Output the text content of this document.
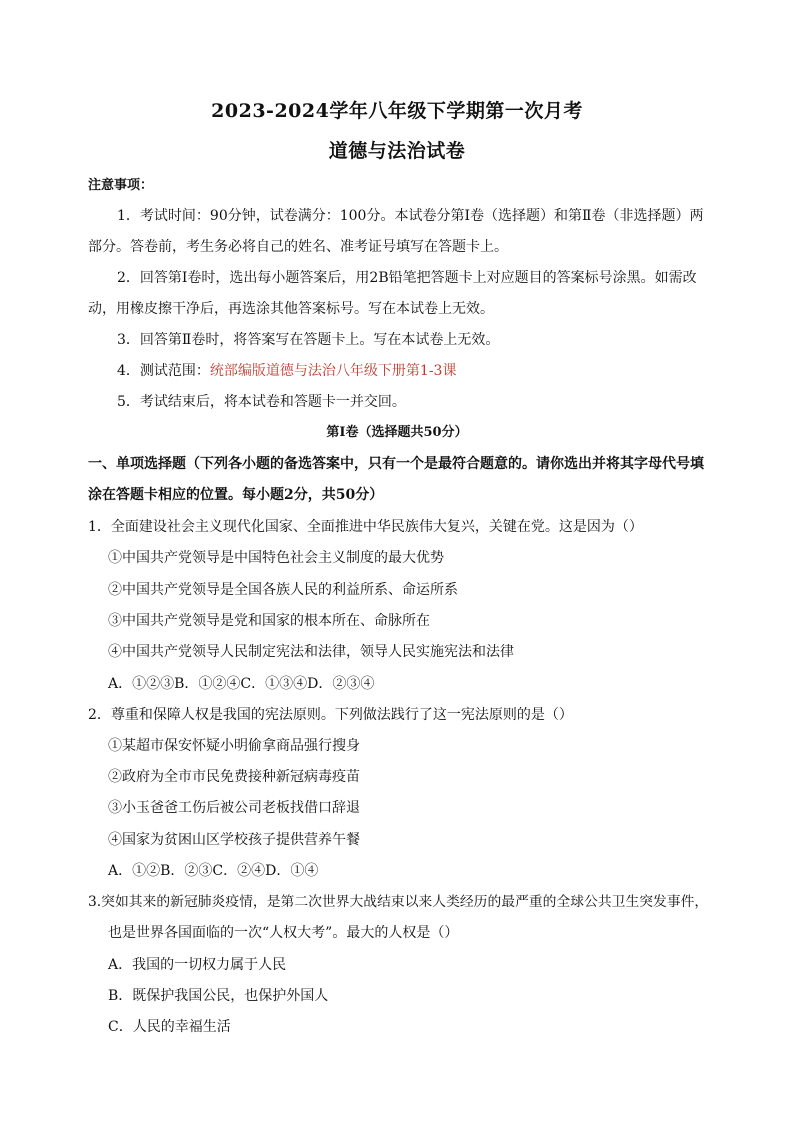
2023-2024学年八年级下学期第一次月考
道德与法治试卷
注意事项：
1．考试时间：90分钟，试卷满分：100分。本试卷分第Ⅰ卷（选择题）和第Ⅱ卷（非选择题）两
部分。答卷前，考生务必将自己的姓名、准考证号填写在答题卡上。
2．回答第Ⅰ卷时，选出每小题答案后，用2B铅笔把答题卡上对应题目的答案标号涂黑。如需改
动，用橡皮擦干净后，再选涂其他答案标号。写在本试卷上无效。
3．回答第Ⅱ卷时，将答案写在答题卡上。写在本试卷上无效。
4．测试范围：统部编版道德与法治八年级下册第1-3课
5．考试结束后，将本试卷和答题卡一并交回。
第Ⅰ卷（选择题共50分）
一、单项选择题（下列各小题的备选答案中，只有一个是最符合题意的。请你选出并将其字母代号填
涂在答题卡相应的位置。每小题2分，共50分）
1．全面建设社会主义现代化国家、全面推进中华民族伟大复兴，关键在党。这是因为（）
①中国共产党领导是中国特色社会主义制度的最大优势
②中国共产党领导是全国各族人民的利益所系、命运所系
③中国共产党领导是党和国家的根本所在、命脉所在
④中国共产党领导人民制定宪法和法律，领导人民实施宪法和法律
A．①②③B．①②④C．①③④D．②③④
2．尊重和保障人权是我国的宪法原则。下列做法践行了这一宪法原则的是（）
①某超市保安怀疑小明偷拿商品强行搜身
②政府为全市市民免费接种新冠病毒疫苗
③小玉爸爸工伤后被公司老板找借口辞退
④国家为贫困山区学校孩子提供营养午餐
A．①②B．②③C．②④D．①④
3.突如其来的新冠肺炎疫情，是第二次世界大战结束以来人类经历的最严重的全球公共卫生突发事件，
也是世界各国面临的一次“人权大考”。最大的人权是（）
A．我国的一切权力属于人民
B．既保护我国公民，也保护外国人
C．人民的幸福生活
